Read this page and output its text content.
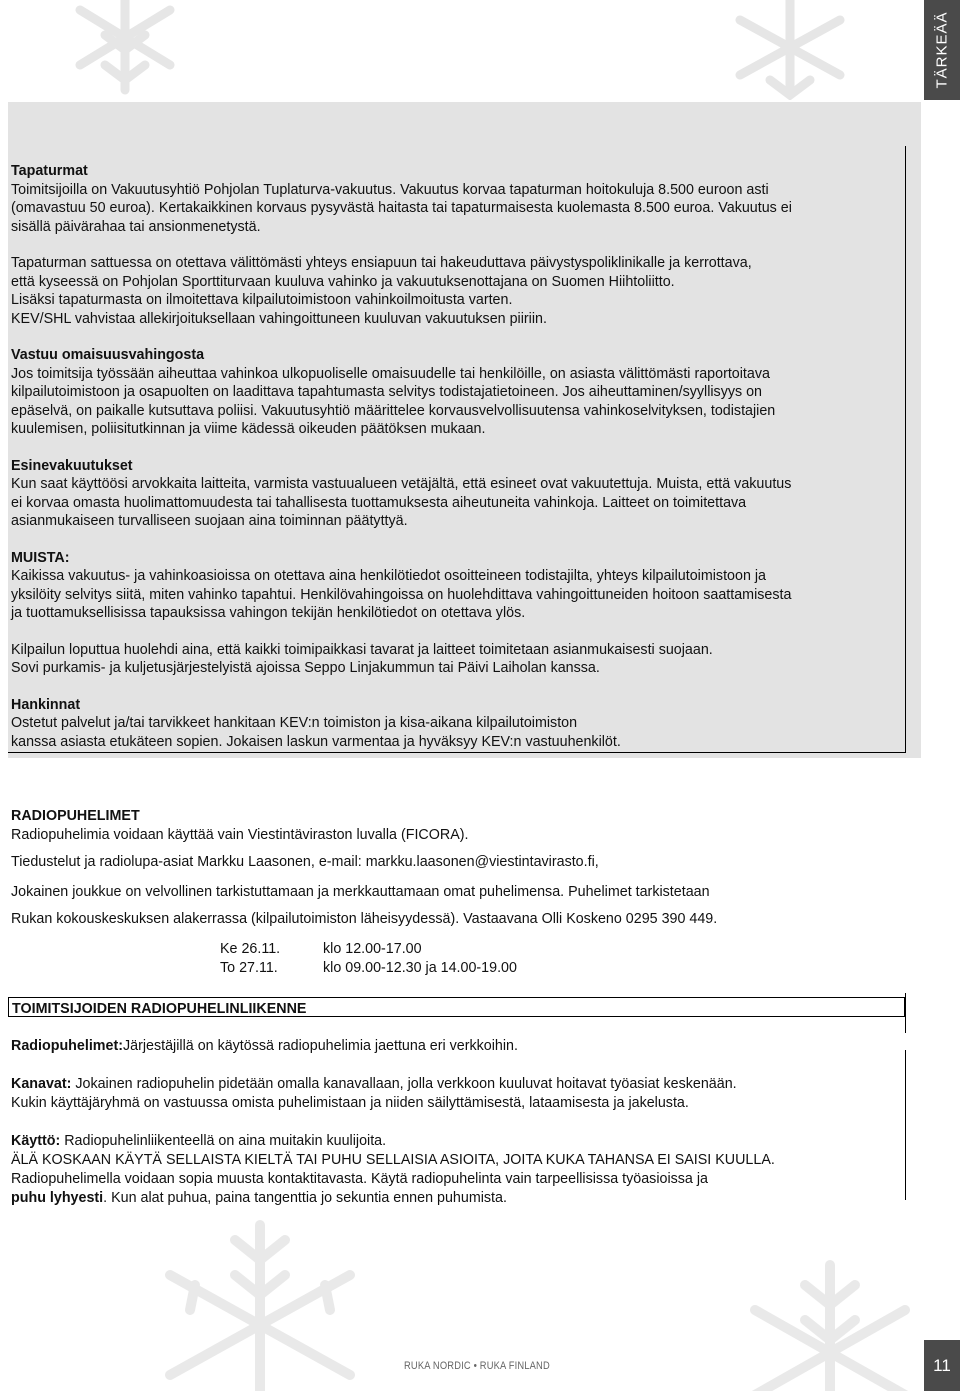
TÄRKEÄÄ

Tapaturmat

Toimitsijoilla on Vakuutusyhtiö Pohjolan Tuplaturva-vakuutus. Vakuutus korvaa tapaturman hoitokuluja 8.500 euroon asti

(omavastuu 50 euroa). Kertakaikkinen korvaus pysyvästä haitasta tai tapaturmaisesta kuolemasta 8.500 euroa. Vakuutus ei

sisällä päivärahaa tai ansionmenetystä.

Tapaturman sattuessa on otettava välittömästi yhteys ensiapuun tai hakeuduttava päivystyspoliklinikalle ja kerrottava,

että kyseessä on Pohjolan Sporttiturvaan kuuluva vahinko ja vakuutuksenottajana on Suomen Hiihtoliitto.

Lisäksi tapaturmasta on ilmoitettava kilpailutoimistoon vahinkoilmoitusta varten.

KEV/SHL vahvistaa allekirjoituksellaan vahingoittuneen kuuluvan vakuutuksen piiriin.

Vastuu omaisuusvahingosta

Jos toimitsija työssään aiheuttaa vahinkoa ulkopuoliselle omaisuudelle tai henkilöille, on asiasta välittömästi raportoitava

kilpailutoimistoon ja osapuolten on laadittava tapahtumasta selvitys todistajatietoineen. Jos aiheuttaminen/syyllisyys on

epäselvä, on paikalle kutsuttava poliisi. Vakuutusyhtiö määrittelee korvausvelvollisuutensa vahinkoselvityksen, todistajien

kuulemisen, poliisitutkinnan ja viime kädessä oikeuden päätöksen mukaan.

Esinevakuutukset

Kun saat käyttöösi arvokkaita laitteita, varmista vastuualueen vetäjältä, että esineet ovat vakuutettuja. Muista, että vakuutus

ei korvaa omasta huolimattomuudesta tai tahallisesta tuottamuksesta aiheutuneita vahinkoja. Laitteet on toimitettava

asianmukaiseen turvalliseen suojaan aina toiminnan päätyttyä.

MUISTA:

Kaikissa vakuutus- ja vahinkoasioissa on otettava aina henkilötiedot osoitteineen todistajilta, yhteys kilpailutoimistoon ja

yksilöity selvitys siitä, miten vahinko tapahtui. Henkilövahingoissa on huolehdittava vahingoittuneiden hoitoon saattamisesta

ja tuottamuksellisissa tapauksissa vahingon tekijän henkilötiedot on otettava ylös.

Kilpailun loputtua huolehdi aina, että kaikki toimipaikkasi tavarat ja laitteet toimitetaan asianmukaisesti suojaan.

Sovi purkamis- ja kuljetusjärjestelyistä ajoissa Seppo Linjakummun tai Päivi Laiholan kanssa.

Hankinnat

Ostetut palvelut ja/tai tarvikkeet hankitaan KEV:n toimiston ja kisa-aikana kilpailutoimiston

kanssa asiasta etukäteen sopien. Jokaisen laskun varmentaa ja hyväksyy KEV:n vastuuhenkilöt.

RADIOPUHELIMET

Radiopuhelimia voidaan käyttää vain Viestintäviraston luvalla (FICORA).

Tiedustelut ja radiolupa-asiat Markku Laasonen, e-mail: markku.laasonen@viestintavirasto.fi,

Jokainen joukkue on velvollinen tarkistuttamaan ja merkkauttamaan omat puhelimensa. Puhelimet tarkistetaan

Rukan kokouskeskuksen alakerrassa (kilpailutoimiston läheisyydessä). Vastaavana Olli Koskeno 0295 390 449.

Ke 26.11.	klo 12.00-17.00
To 27.11.	klo 09.00-12.30 ja 14.00-19.00
TOIMITSIJOIDEN RADIOPUHELINLIIKENNE

Radiopuhelimet:Järjestäjillä on käytössä radiopuhelimia jaettuna eri verkkoihin.

Kanavat: Jokainen radiopuhelin pidetään omalla kanavallaan, jolla verkkoon kuuluvat hoitavat työasiat keskenään.

Kukin käyttäjäryhmä on vastuussa omista puhelimistaan ja niiden säilyttämisestä, lataamisesta ja jakelusta.

Käyttö: Radiopuhelinliikenteellä on aina muitakin kuulijoita.

ÄLÄ KOSKAAN KÄYTÄ SELLAISTA KIELTÄ TAI PUHU SELLAISIA ASIOITA, JOITA KUKA TAHANSA EI SAISI KUULLA.

Radiopuhelimella voidaan sopia muusta kontaktitavasta. Käytä radiopuhelinta vain tarpeellisissa työasioissa ja

puhu lyhyesti. Kun alat puhua, paina tangenttia jo sekuntia ennen puhumista.

RUKA NORDIC • RUKA FINLAND	11
